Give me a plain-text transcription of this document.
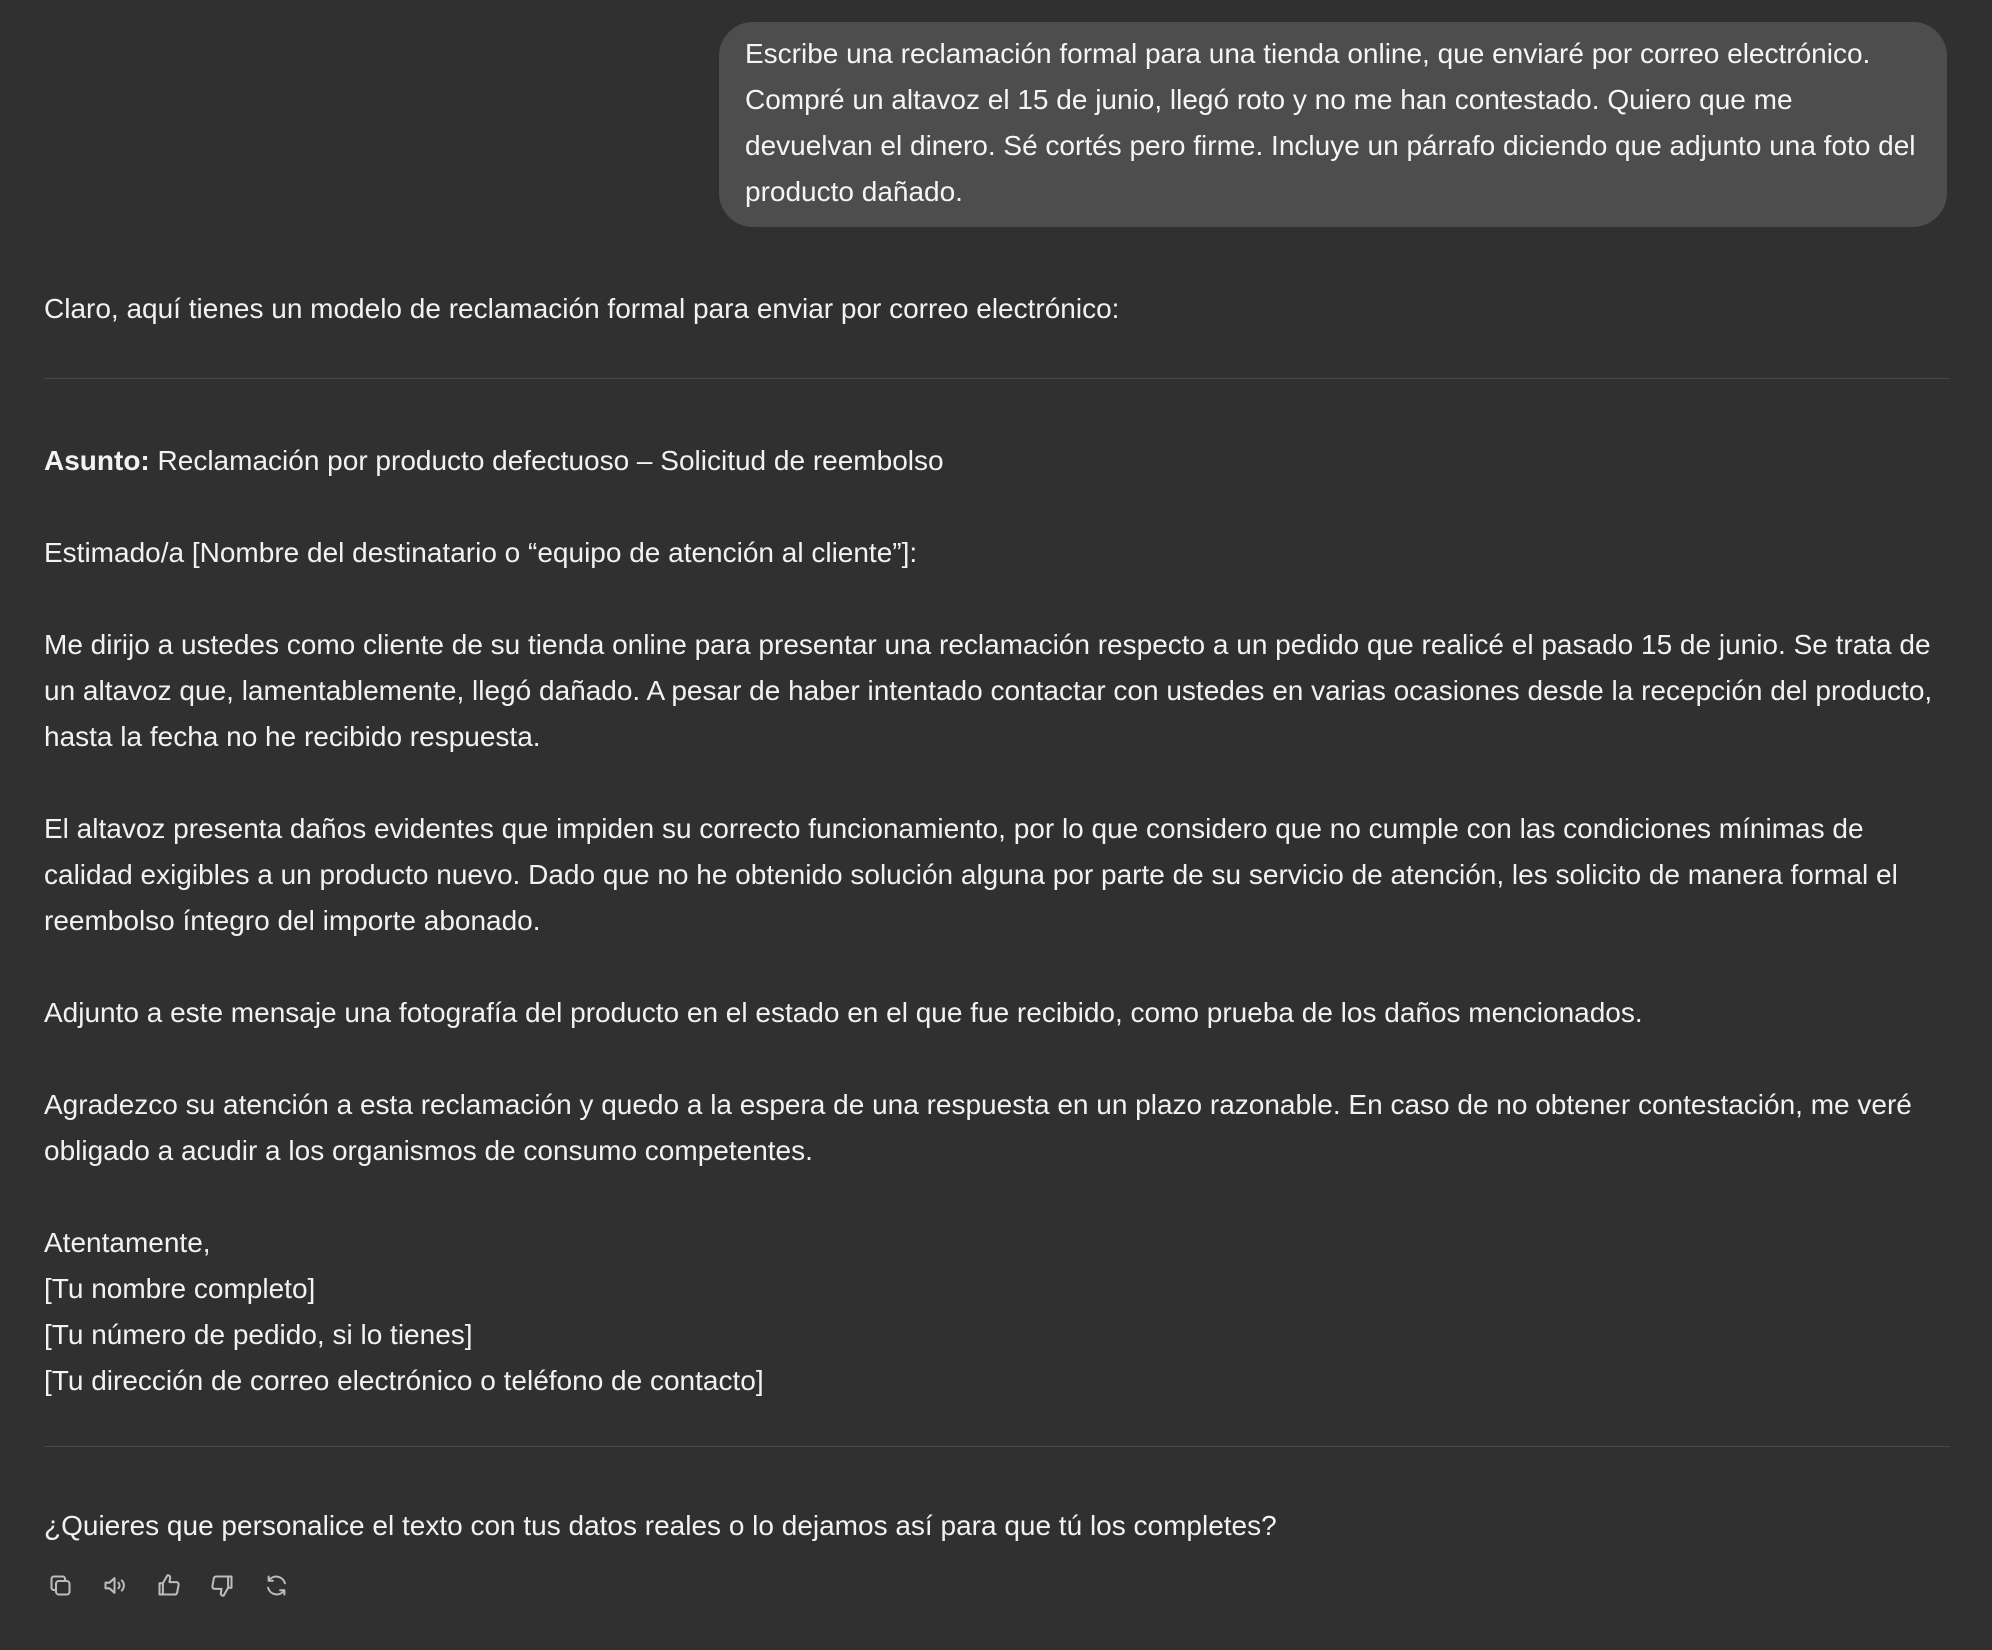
Escribe una reclamación formal para una tienda online, que enviaré por correo electrónico. Compré un altavoz el 15 de junio, llegó roto y no me han contestado. Quiero que me devuelvan el dinero. Sé cortés pero firme. Incluye un párrafo diciendo que adjunto una foto del producto dañado.

Claro, aquí tienes un modelo de reclamación formal para enviar por correo electrónico:

Asunto: Reclamación por producto defectuoso – Solicitud de reembolso

Estimado/a [Nombre del destinatario o “equipo de atención al cliente”]:

Me dirijo a ustedes como cliente de su tienda online para presentar una reclamación respecto a un pedido que realicé el pasado 15 de junio. Se trata de un altavoz que, lamentablemente, llegó dañado. A pesar de haber intentado contactar con ustedes en varias ocasiones desde la recepción del producto, hasta la fecha no he recibido respuesta.

El altavoz presenta daños evidentes que impiden su correcto funcionamiento, por lo que considero que no cumple con las condiciones mínimas de calidad exigibles a un producto nuevo. Dado que no he obtenido solución alguna por parte de su servicio de atención, les solicito de manera formal el reembolso íntegro del importe abonado.

Adjunto a este mensaje una fotografía del producto en el estado en el que fue recibido, como prueba de los daños mencionados.

Agradezco su atención a esta reclamación y quedo a la espera de una respuesta en un plazo razonable. En caso de no obtener contestación, me veré obligado a acudir a los organismos de consumo competentes.

Atentamente,
[Tu nombre completo]
[Tu número de pedido, si lo tienes]
[Tu dirección de correo electrónico o teléfono de contacto]

¿Quieres que personalice el texto con tus datos reales o lo dejamos así para que tú los completes?
